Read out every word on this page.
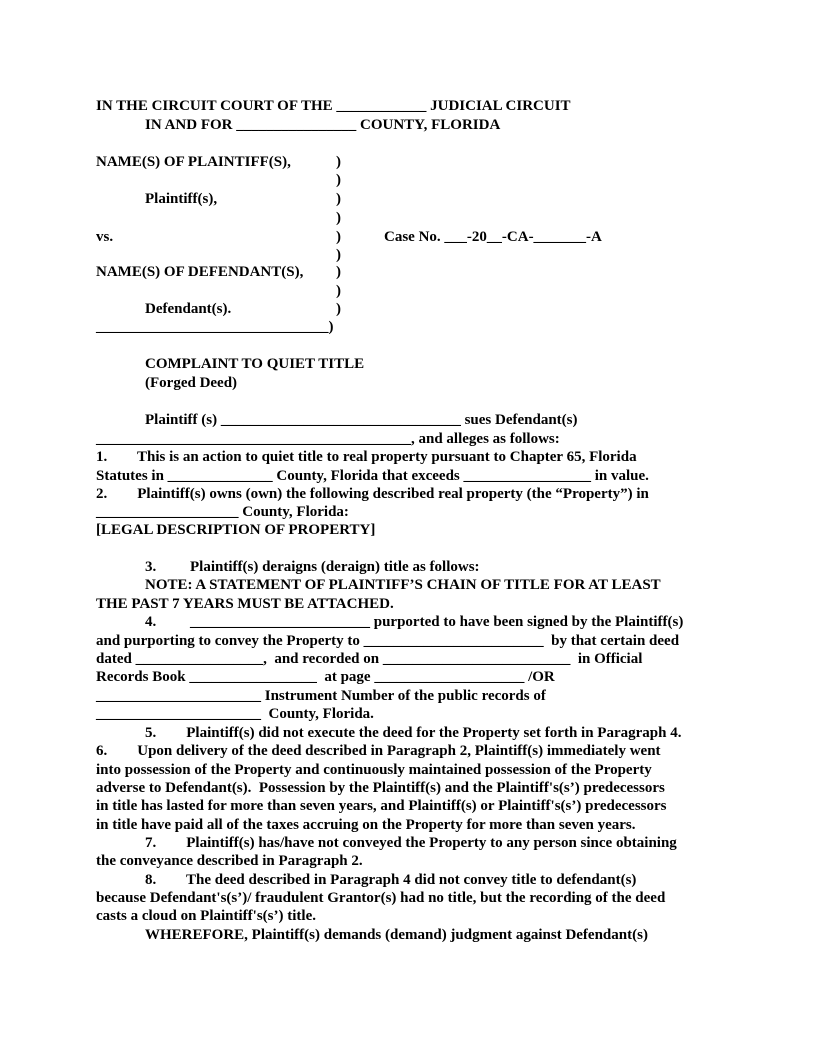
IN THE CIRCUIT COURT OF THE ____________ JUDICIAL CIRCUIT
IN AND FOR ________________ COUNTY, FLORIDA
NAME(S) OF PLAINTIFF(S),
Plaintiff(s),
vs.	Case No. ___-20__-CA-_______-A
NAME(S) OF DEFENDANT(S),
Defendant(s).
_______________________________)
)
)
)
)
)
)
)
)
)
COMPLAINT TO QUIET TITLE
(Forged Deed)
Plaintiff (s) ________________________________ sues Defendant(s)
__________________________________________, and alleges as follows:
1.        This is an action to quiet title to real property pursuant to Chapter 65, Florida
Statutes in ______________ County, Florida that exceeds _________________ in value.
2.        Plaintiff(s) owns (own) the following described real property (the “Property”) in
___________________ County, Florida:
[LEGAL DESCRIPTION OF PROPERTY]
3.         Plaintiff(s) deraigns (deraign) title as follows:
NOTE: A STATEMENT OF PLAINTIFF’S CHAIN OF TITLE FOR AT LEAST
THE PAST 7 YEARS MUST BE ATTACHED.
4.         ________________________ purported to have been signed by the Plaintiff(s)
and purporting to convey the Property to ________________________  by that certain deed
dated _________________,  and recorded on _________________________  in Official
Records Book _________________  at page ____________________ /OR
______________________ Instrument Number of the public records of
______________________  County, Florida.
5.        Plaintiff(s) did not execute the deed for the Property set forth in Paragraph 4.
6.        Upon delivery of the deed described in Paragraph 2, Plaintiff(s) immediately went
into possession of the Property and continuously maintained possession of the Property
adverse to Defendant(s).  Possession by the Plaintiff(s) and the Plaintiff's(s’) predecessors
in title has lasted for more than seven years, and Plaintiff(s) or Plaintiff's(s’) predecessors
in title have paid all of the taxes accruing on the Property for more than seven years.
7.        Plaintiff(s) has/have not conveyed the Property to any person since obtaining
the conveyance described in Paragraph 2.
8.        The deed described in Paragraph 4 did not convey title to defendant(s)
because Defendant's(s’)/ fraudulent Grantor(s) had no title, but the recording of the deed
casts a cloud on Plaintiff's(s’) title.
WHEREFORE, Plaintiff(s) demands (demand) judgment against Defendant(s)
